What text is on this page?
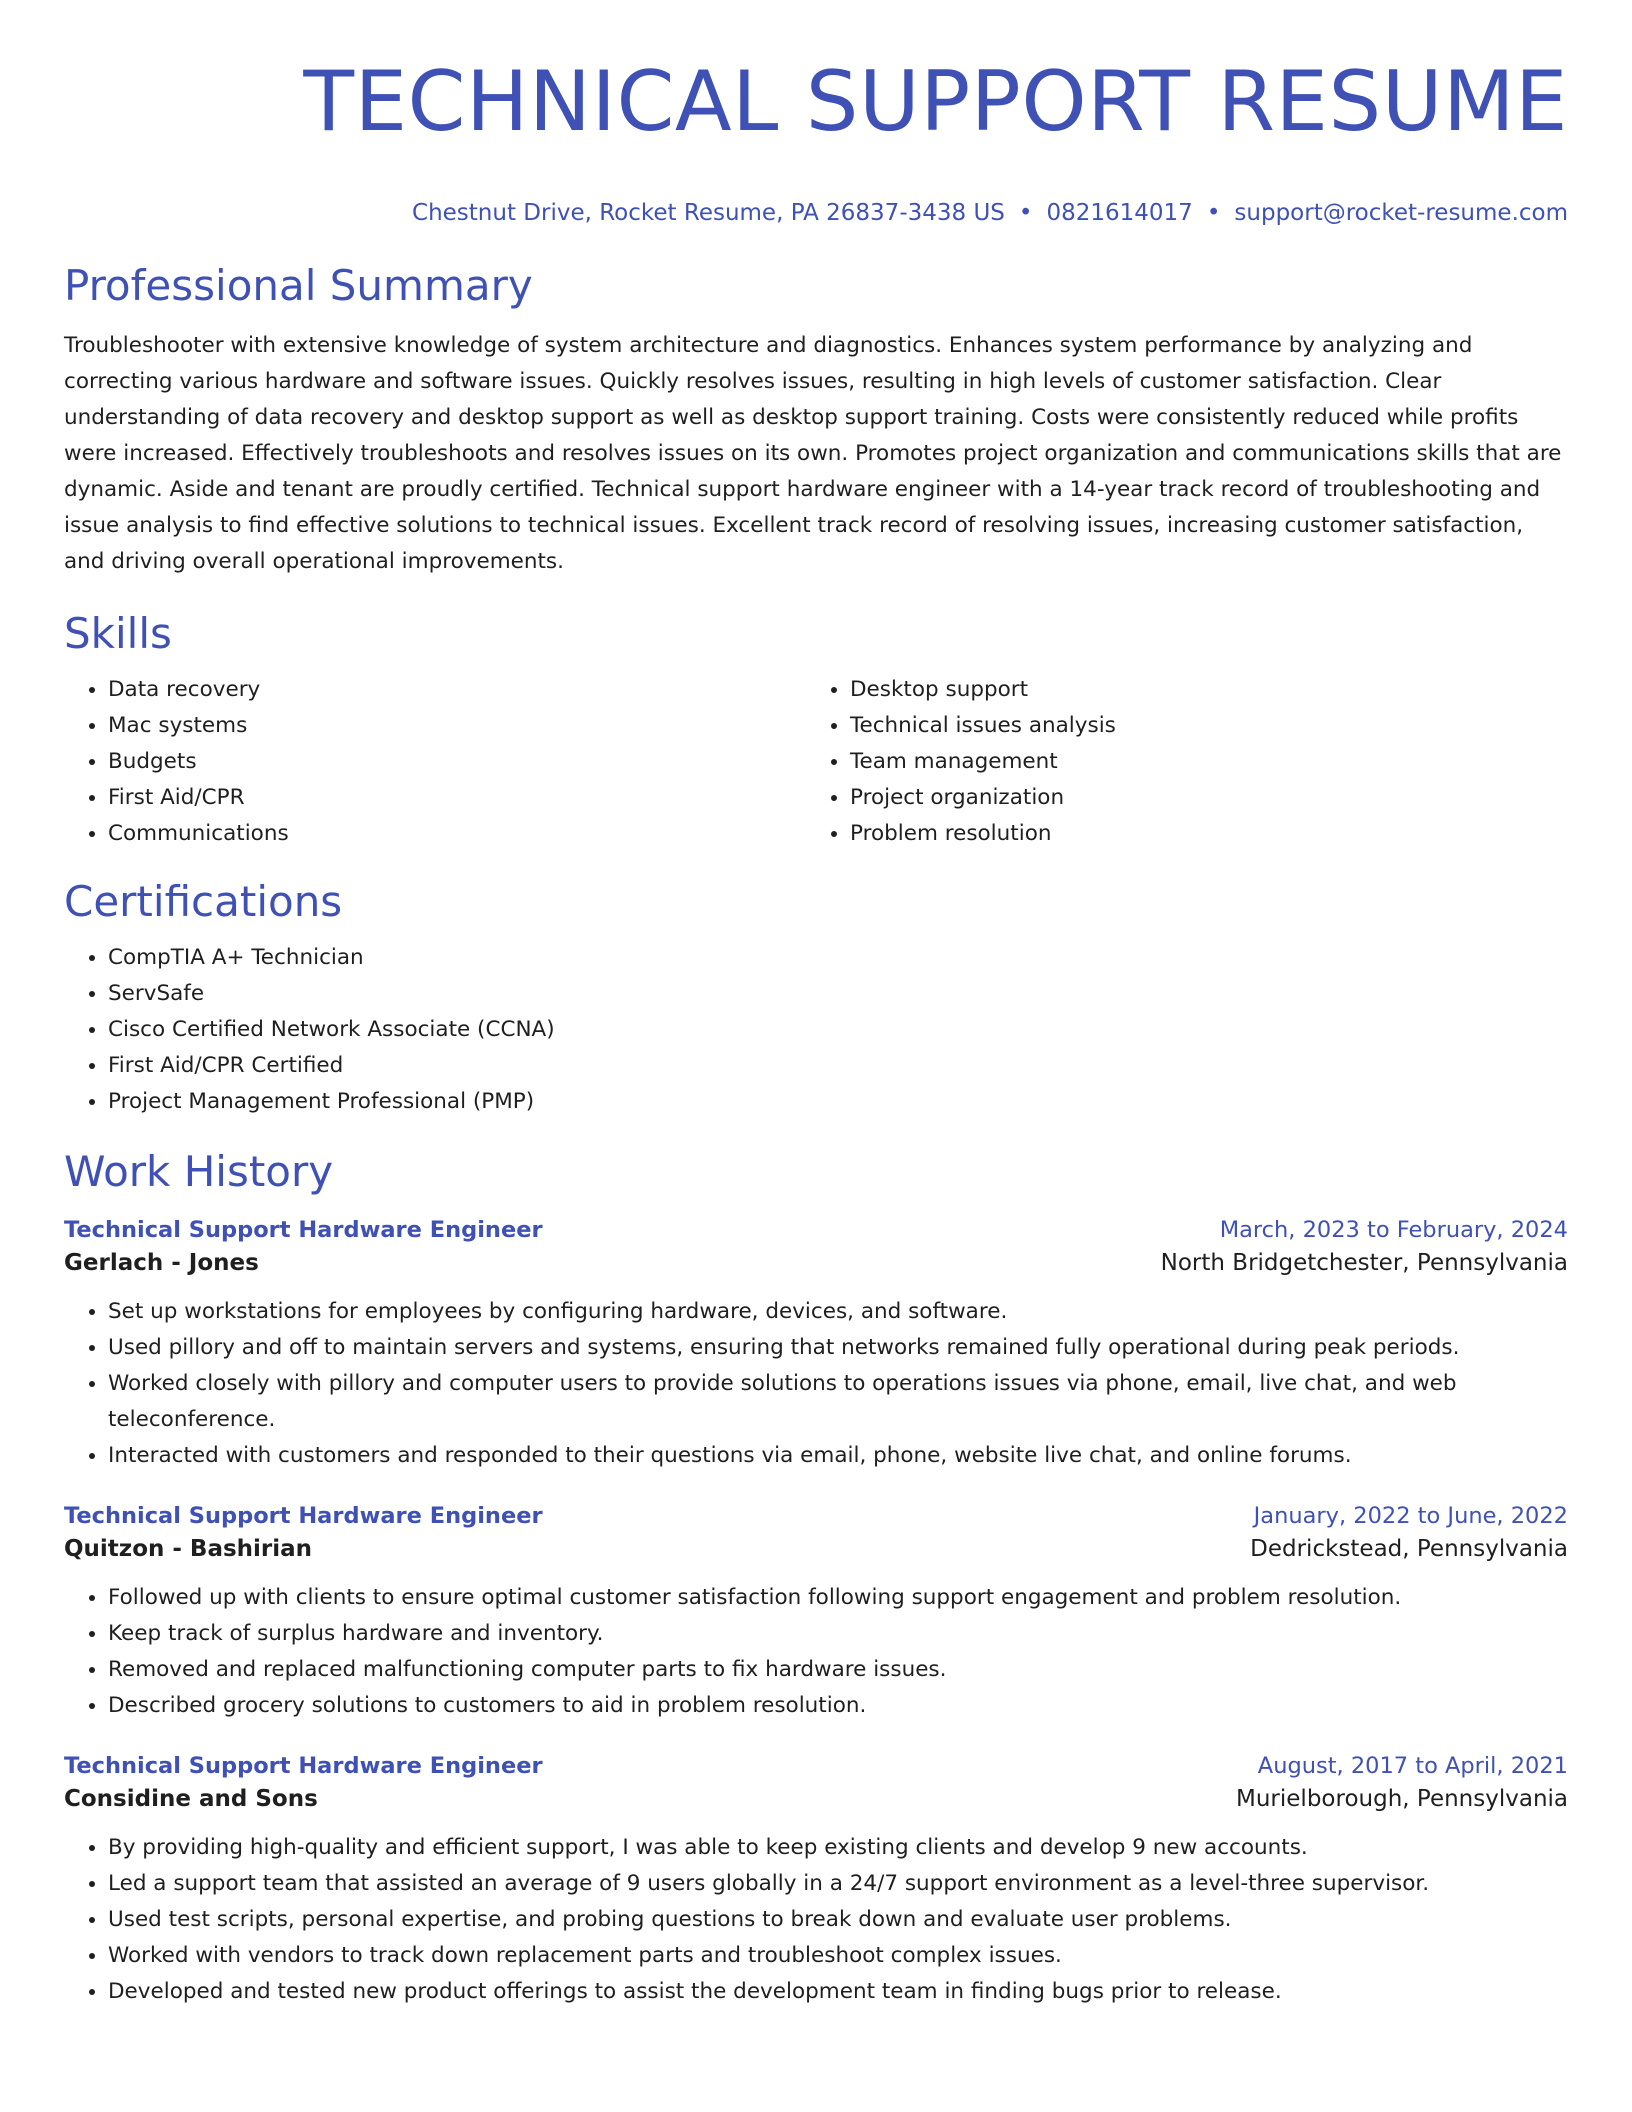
TECHNICAL SUPPORT RESUME
Chestnut Drive, Rocket Resume, PA 26837-3438 US • 0821614017 • support@rocket-resume.com
Professional Summary

Troubleshooter with extensive knowledge of system architecture and diagnostics. Enhances system performance by analyzing and correcting various hardware and software issues. Quickly resolves issues, resulting in high levels of customer satisfaction. Clear understanding of data recovery and desktop support as well as desktop support training. Costs were consistently reduced while profits were increased. Effectively troubleshoots and resolves issues on its own. Promotes project organization and communications skills that are dynamic. Aside and tenant are proudly certified. Technical support hardware engineer with a 14-year track record of troubleshooting and issue analysis to find effective solutions to technical issues. Excellent track record of resolving issues, increasing customer satisfaction, and driving overall operational improvements.

Skills
• Data recovery
• Mac systems
• Budgets
• First Aid/CPR
• Communications
• Desktop support
• Technical issues analysis
• Team management
• Project organization
• Problem resolution
Certifications
• CompTIA A+ Technician
• ServSafe
• Cisco Certified Network Associate (CCNA)
• First Aid/CPR Certified
• Project Management Professional (PMP)
Work History
Technical Support Hardware Engineer	March, 2023 to February, 2024
Gerlach - Jones	North Bridgetchester, Pennsylvania
• Set up workstations for employees by configuring hardware, devices, and software.
• Used pillory and off to maintain servers and systems, ensuring that networks remained fully operational during peak periods.
• Worked closely with pillory and computer users to provide solutions to operations issues via phone, email, live chat, and web teleconference.
• Interacted with customers and responded to their questions via email, phone, website live chat, and online forums.
Technical Support Hardware Engineer	January, 2022 to June, 2022
Quitzon - Bashirian	Dedrickstead, Pennsylvania
• Followed up with clients to ensure optimal customer satisfaction following support engagement and problem resolution.
• Keep track of surplus hardware and inventory.
• Removed and replaced malfunctioning computer parts to fix hardware issues.
• Described grocery solutions to customers to aid in problem resolution.
Technical Support Hardware Engineer	August, 2017 to April, 2021
Considine and Sons	Murielborough, Pennsylvania
• By providing high-quality and efficient support, I was able to keep existing clients and develop 9 new accounts.
• Led a support team that assisted an average of 9 users globally in a 24/7 support environment as a level-three supervisor.
• Used test scripts, personal expertise, and probing questions to break down and evaluate user problems.
• Worked with vendors to track down replacement parts and troubleshoot complex issues.
• Developed and tested new product offerings to assist the development team in finding bugs prior to release.
